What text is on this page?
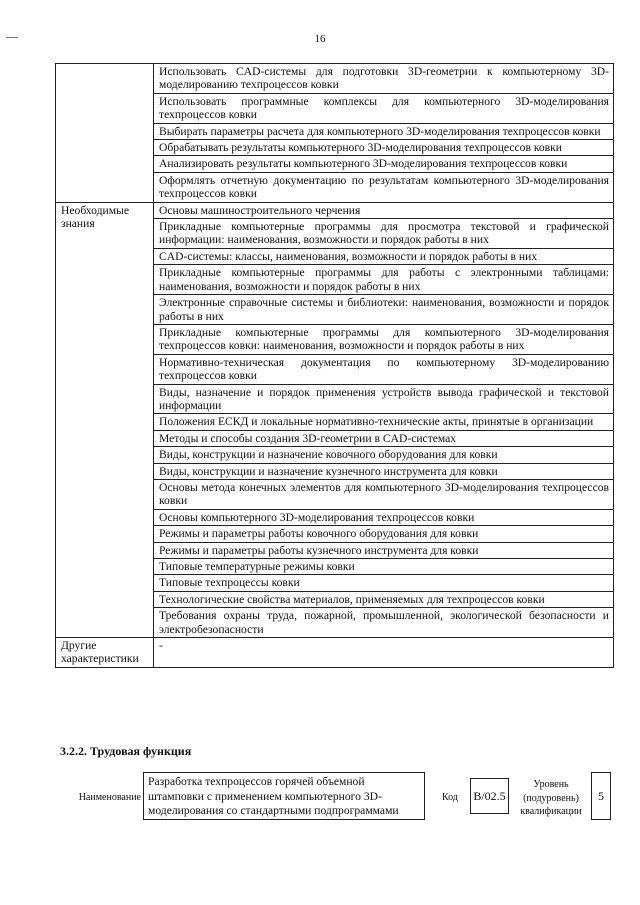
16
	Использовать CAD-системы для подготовки 3D-геометрии к компьютерному 3D-моделированию техпроцессов ковки
	Использовать программные комплексы для компьютерного 3D-моделирования техпроцессов ковки
	Выбирать параметры расчета для компьютерного 3D-моделирования техпроцессов ковки
	Обрабатывать результаты компьютерного 3D-моделирования техпроцессов ковки
	Анализировать результаты компьютерного 3D-моделирования техпроцессов ковки
	Оформлять отчетную документацию по результатам компьютерного 3D-моделирования техпроцессов ковки
Необходимые знания	Основы машиностроительного черчения
	Прикладные компьютерные программы для просмотра текстовой и графической информации: наименования, возможности и порядок работы в них
	CAD-системы: классы, наименования, возможности и порядок работы в них
	Прикладные компьютерные программы для работы с электронными таблицами: наименования, возможности и порядок работы в них
	Электронные справочные системы и библиотеки: наименования, возможности и порядок работы в них
	Прикладные компьютерные программы для компьютерного 3D-моделирования техпроцессов ковки: наименования, возможности и порядок работы в них
	Нормативно-техническая документация по компьютерному 3D-моделированию техпроцессов ковки
	Виды, назначение и порядок применения устройств вывода графической и текстовой информации
	Положения ЕСКД и локальные нормативно-технические акты, принятые в организации
	Методы и способы создания 3D-геометрии в CAD-системах
	Виды, конструкции и назначение ковочного оборудования для ковки
	Виды, конструкции и назначение кузнечного инструмента для ковки
	Основы метода конечных элементов для компьютерного 3D-моделирования техпроцессов ковки
	Основы компьютерного 3D-моделирования техпроцессов ковки
	Режимы и параметры работы ковочного оборудования для ковки
	Режимы и параметры работы кузнечного инструмента для ковки
	Типовые температурные режимы ковки
	Типовые техпроцессы ковки
	Технологические свойства материалов, применяемых для техпроцессов ковки
	Требования охраны труда, пожарной, промышленной, экологической безопасности и электробезопасности
Другие характеристики	-
3.2.2. Трудовая функция
Наименование
Разработка техпроцессов горячей объемной штамповки с применением компьютерного 3D-моделирования со стандартными подпрограммами
Код	В/02.5
Уровень (подуровень) квалификации
5
